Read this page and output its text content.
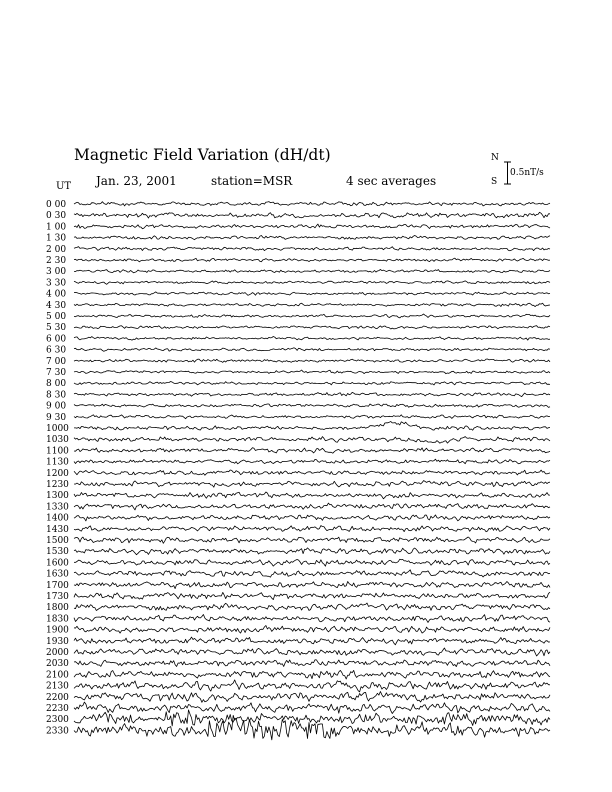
Magnetic Field Variation (dH/dt)
Jan. 23, 2001	station=MSR	4 sec averages
UT
N
S
0.5nT/s
0 00
0 30
1 00
1 30
2 00
2 30
3 00
3 30
4 00
4 30
5 00
5 30
6 00
6 30
7 00
7 30
8 00
8 30
9 00
9 30
1000
1030
1100
1130
1200
1230
1300
1330
1400
1430
1500
1530
1600
1630
1700
1730
1800
1830
1900
1930
2000
2030
2100
2130
2200
2230
2300
2330
